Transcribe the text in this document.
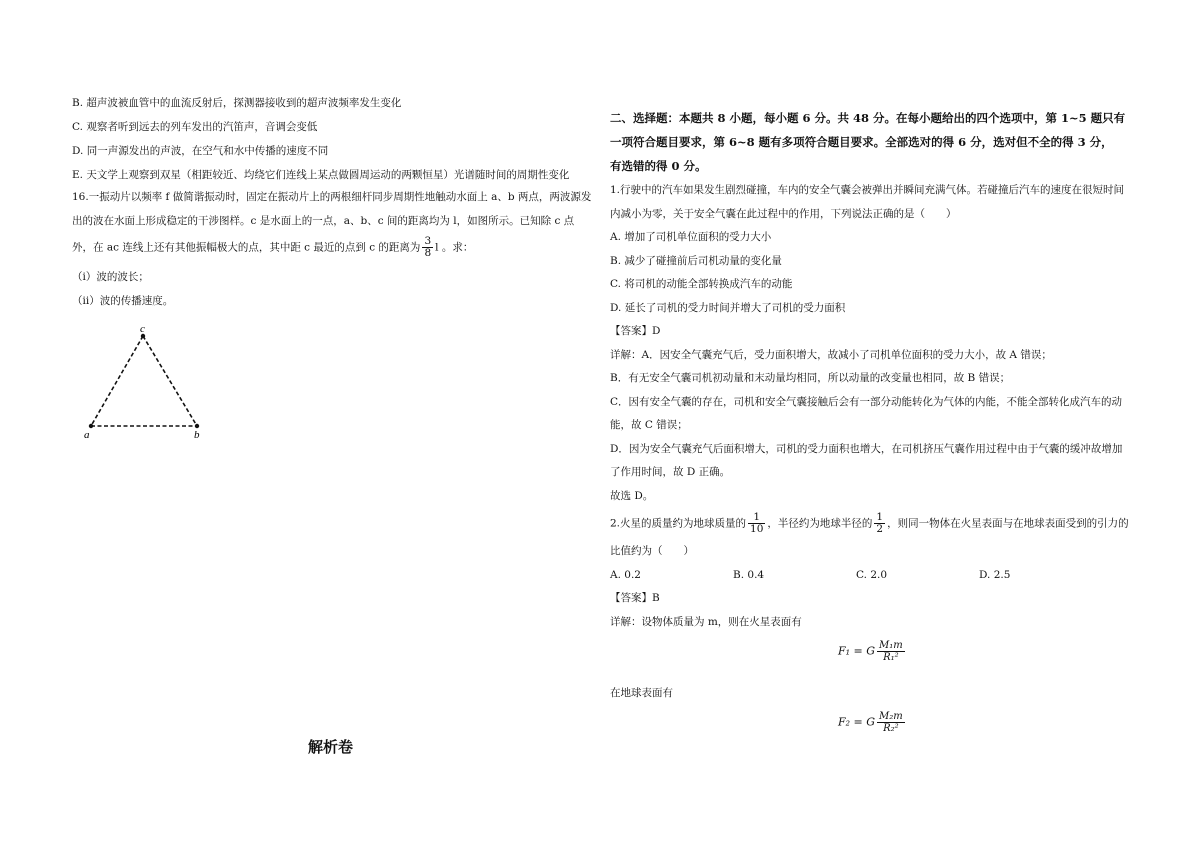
B. 超声波被血管中的血流反射后，探测器接收到的超声波频率发生变化
C. 观察者听到远去的列车发出的汽笛声，音调会变低
D. 同一声源发出的声波，在空气和水中传播的速度不同
E. 天文学上观察到双星（相距较近、均绕它们连线上某点做圆周运动的两颗恒星）光谱随时间的周期性变化
16.一振动片以频率 f 做简谐振动时，固定在振动片上的两根细杆同步周期性地触动水面上 a、b 两点，两波源发
出的波在水面上形成稳定的干涉图样。c 是水面上的一点，a、b、c 间的距离均为 l，如图所示。已知除 c 点
外，在 ac 连线上还有其他振幅极大的点，其中距 c 最近的点到 c 的距离为 $\frac{3}{8}$ l 。求：
（i）波的波长；
（ii）波的传播速度。
c
a	b
解析卷
二、选择题：本题共 8 小题，每小题 6 分。共 48 分。在每小题给出的四个选项中，第 1~5 题只有
一项符合题目要求，第 6~8 题有多项符合题目要求。全部选对的得 6 分，选对但不全的得 3 分，
有选错的得 0 分。
1.行驶中的汽车如果发生剧烈碰撞，车内的安全气囊会被弹出并瞬间充满气体。若碰撞后汽车的速度在很短时间
内减小为零，关于安全气囊在此过程中的作用，下列说法正确的是（　　）
A. 增加了司机单位面积的受力大小
B. 减少了碰撞前后司机动量的变化量
C. 将司机的动能全部转换成汽车的动能
D. 延长了司机的受力时间并增大了司机的受力面积
【答案】D
详解：A．因安全气囊充气后，受力面积增大，故减小了司机单位面积的受力大小，故 A 错误；
B．有无安全气囊司机初动量和末动量均相同，所以动量的改变量也相同，故 B 错误；
C．因有安全气囊的存在，司机和安全气囊接触后会有一部分动能转化为气体的内能，不能全部转化成汽车的动
能，故 C 错误；
D．因为安全气囊充气后面积增大，司机的受力面积也增大，在司机挤压气囊作用过程中由于气囊的缓冲故增加
了作用时间，故 D 正确。
故选 D。
2.火星的质量约为地球质量的 $\frac{1}{10}$ ，半径约为地球半径的 $\frac{1}{2}$ ，则同一物体在火星表面与在地球表面受到的引力的
比值约为（　　）
A. 0.2	B. 0.4	C. 2.0	D. 2.5
【答案】B
详解：设物体质量为 m，则在火星表面有
F₁ = G $\frac{\text{M₁m}}{\text{R₁²}}$
在地球表面有
F₂ = G $\frac{\text{M₂m}}{\text{R₂²}}$
